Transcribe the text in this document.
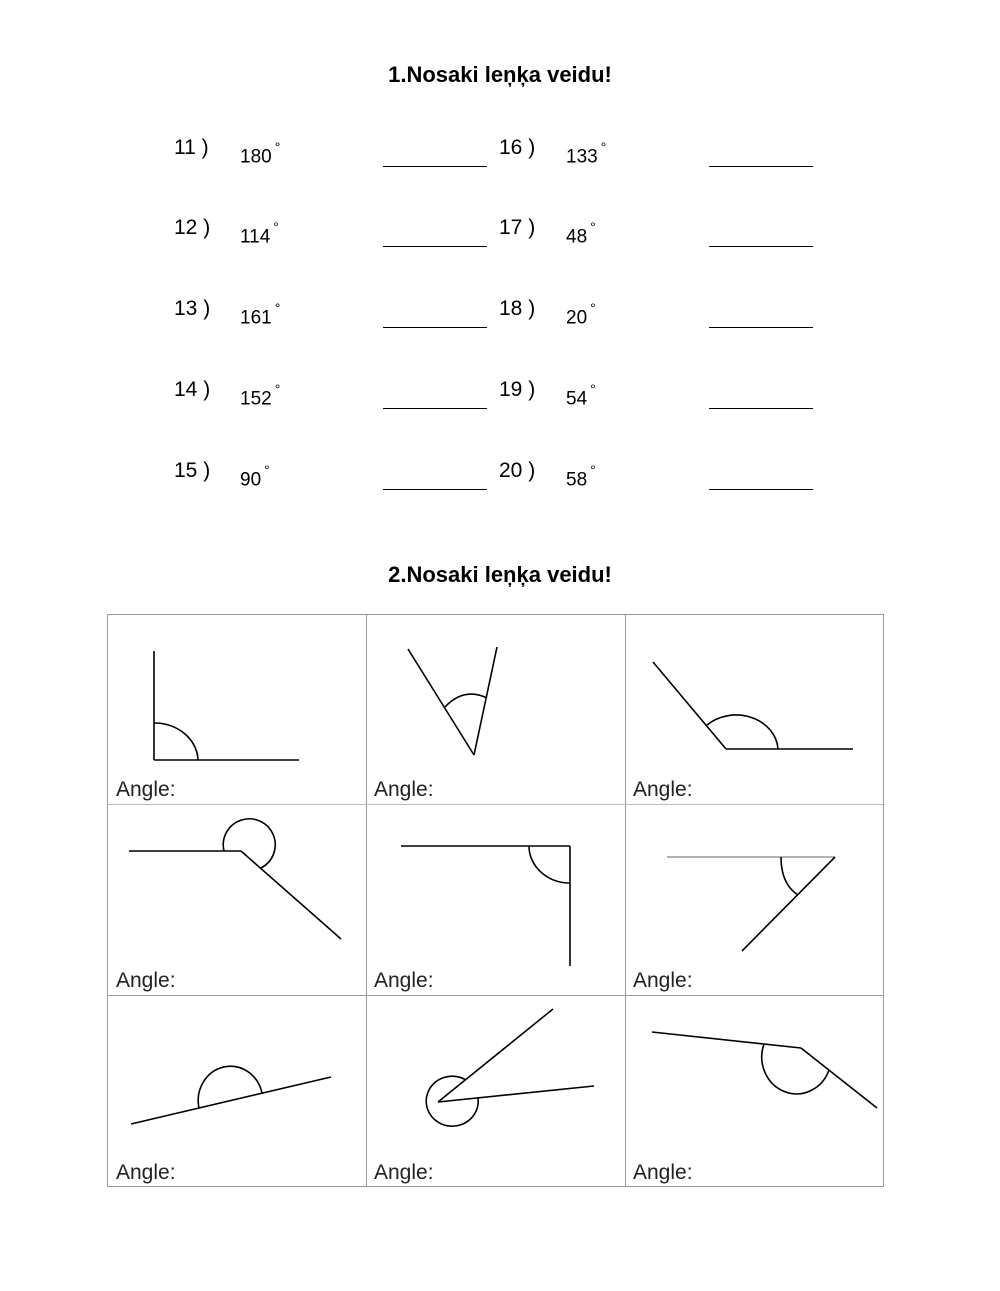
1.Nosaki leņķa veidu!
11 ) 180 °
12 ) 114 °
13 ) 161 °
14 ) 152 °
15 ) 90 °
16 ) 133 °
17 ) 48 °
18 ) 20 °
19 ) 54 °
20 ) 58 °
2.Nosaki leņķa veidu!
Angle:	Angle:	Angle:
Angle:	Angle:	Angle:
Angle:	Angle:	Angle:
